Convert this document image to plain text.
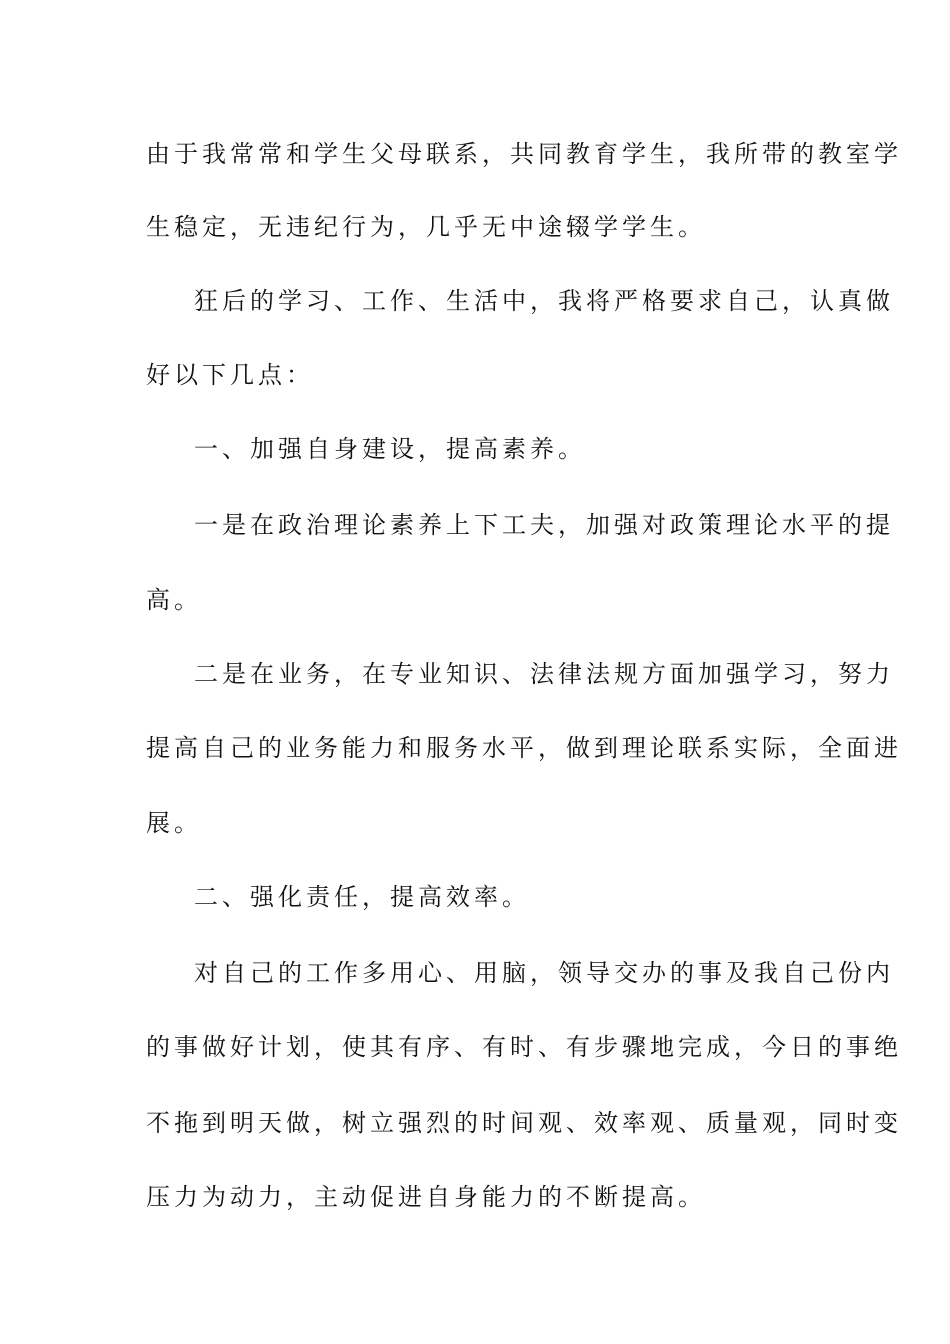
由于我常常和学生父母联系，共同教育学生，我所带的教室学
生稳定，无违纪行为，几乎无中途辍学学生。
狂后的学习、工作、生活中，我将严格要求自己，认真做
好以下几点：
一、加强自身建设，提高素养。
一是在政治理论素养上下工夫，加强对政策理论水平的提
高。
二是在业务，在专业知识、法律法规方面加强学习，努力
提高自己的业务能力和服务水平，做到理论联系实际，全面进
展。
二、强化责任，提高效率。
对自己的工作多用心、用脑，领导交办的事及我自己份内
的事做好计划，使其有序、有时、有步骤地完成，今日的事绝
不拖到明天做，树立强烈的时间观、效率观、质量观，同时变
压力为动力，主动促进自身能力的不断提高。
